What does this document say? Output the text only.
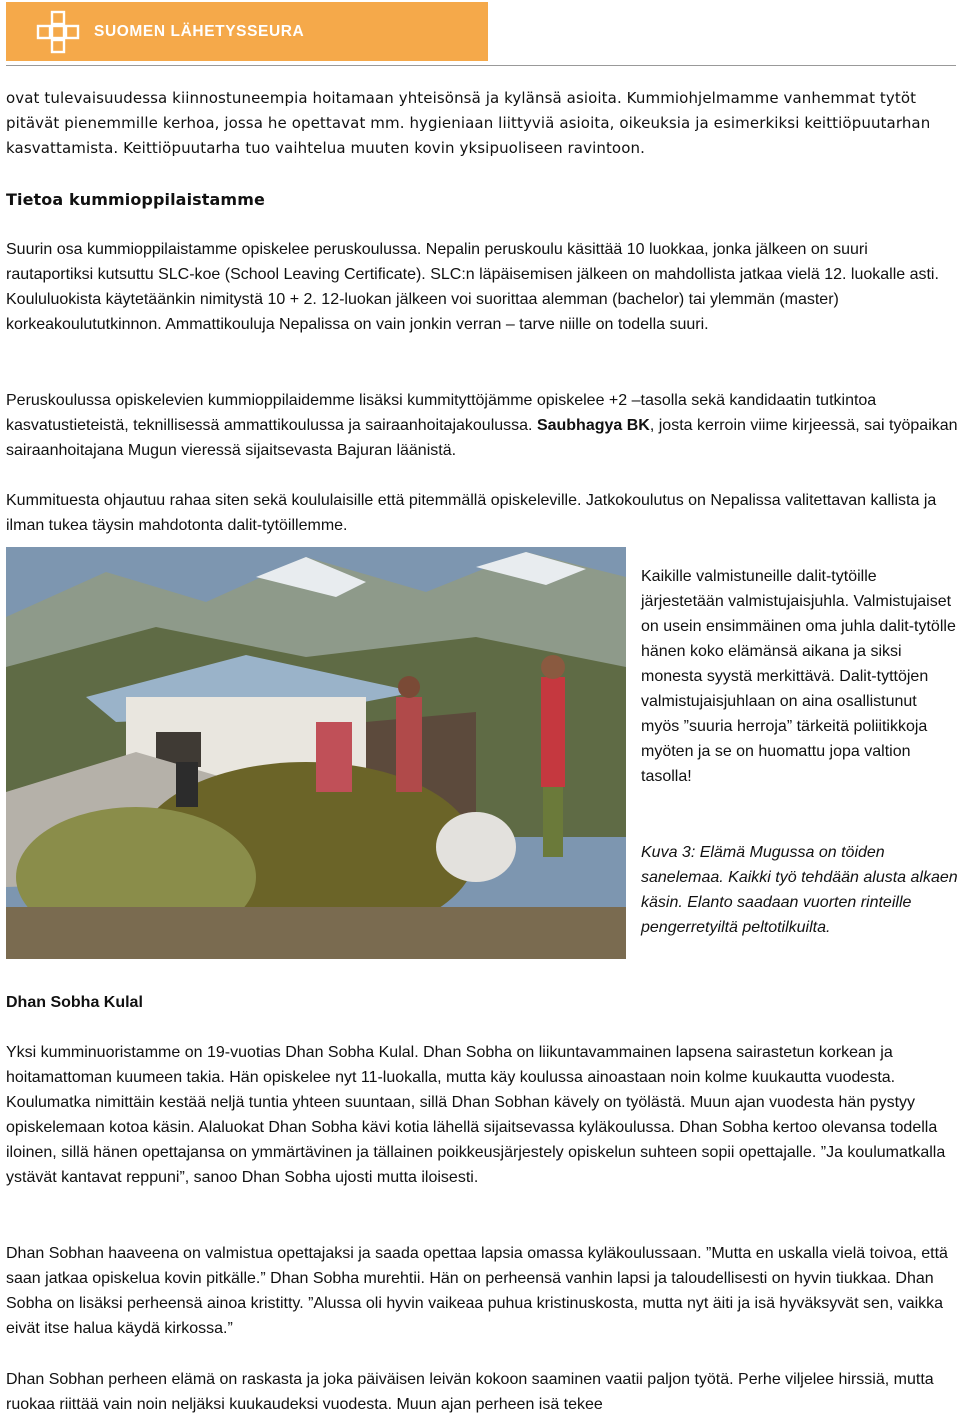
SUOMEN LÄHETYSSEURA

ovat tulevaisuudessa kiinnostuneempia hoitamaan yhteisönsä ja kylänsä asioita. Kummiohjelmamme vanhemmat tytöt pitävät pienemmille kerhoa, jossa he opettavat mm. hygieniaan liittyviä asioita, oikeuksia ja esimerkiksi keittiöpuutarhan kasvattamista. Keittiöpuutarha tuo vaihtelua muuten kovin yksipuoliseen ravintoon.

Tietoa kummioppilaistamme

Suurin osa kummioppilaistamme opiskelee peruskoulussa. Nepalin peruskoulu käsittää 10 luokkaa, jonka jälkeen on suuri rautaportiksi kutsuttu SLC-koe (School Leaving Certificate). SLC:n läpäisemisen jälkeen on mahdollista jatkaa vielä 12. luokalle asti. Koululuokista käytetäänkin nimitystä 10 + 2. 12-luokan jälkeen voi suorittaa alemman (bachelor) tai ylemmän (master) korkeakoulututkinnon. Ammattikouluja Nepalissa on vain jonkin verran – tarve niille on todella suuri.

Peruskoulussa opiskelevien kummioppilaidemme lisäksi kummityttöjämme opiskelee +2 –tasolla sekä kandidaatin tutkintoa kasvatustieteistä, teknillisessä ammattikoulussa ja sairaanhoitajakoulussa. Saubhagya BK, josta kerroin viime kirjeessä, sai työpaikan sairaanhoitajana Mugun vieressä sijaitsevasta Bajuran läänistä.

Kummituesta ohjautuu rahaa siten sekä koululaisille että pitemmällä opiskeleville. Jatkokoulutus on Nepalissa valitettavan kallista ja ilman tukea täysin mahdotonta dalit-tytöillemme.

Kaikille valmistuneille dalit-tytöille järjestetään valmistujaisjuhla. Valmistujaiset on usein ensimmäinen oma juhla dalit-tytölle hänen koko elämänsä aikana ja siksi monesta syystä merkittävä. Dalit-tyttöjen valmistujaisjuhlaan on aina osallistunut myös ”suuria herroja” tärkeitä poliitikkoja myöten ja se on huomattu jopa valtion tasolla!

Kuva 3: Elämä Mugussa on töiden sanelemaa. Kaikki työ tehdään alusta alkaen käsin. Elanto saadaan vuorten rinteille pengerretyiltä peltotilkuilta.

Dhan Sobha Kulal

Yksi kumminuoristamme on 19-vuotias Dhan Sobha Kulal. Dhan Sobha on liikuntavammainen lapsena sairastetun korkean ja hoitamattoman kuumeen takia. Hän opiskelee nyt 11-luokalla, mutta käy koulussa ainoastaan noin kolme kuukautta vuodesta. Koulumatka nimittäin kestää neljä tuntia yhteen suuntaan, sillä Dhan Sobhan kävely on työlästä. Muun ajan vuodesta hän pystyy opiskelemaan kotoa käsin. Alaluokat Dhan Sobha kävi kotia lähellä sijaitsevassa kyläkoulussa. Dhan Sobha kertoo olevansa todella iloinen, sillä hänen opettajansa on ymmärtävinen ja tällainen poikkeusjärjestely opiskelun suhteen sopii opettajalle. ”Ja koulumatkalla ystävät kantavat reppuni”, sanoo Dhan Sobha ujosti mutta iloisesti.

Dhan Sobhan haaveena on valmistua opettajaksi ja saada opettaa lapsia omassa kyläkoulussaan. ”Mutta en uskalla vielä toivoa, että saan jatkaa opiskelua kovin pitkälle.” Dhan Sobha murehtii. Hän on perheensä vanhin lapsi ja taloudellisesti on hyvin tiukkaa. Dhan Sobha on lisäksi perheensä ainoa kristitty. ”Alussa oli hyvin vaikeaa puhua kristinuskosta, mutta nyt äiti ja isä hyväksyvät sen, vaikka eivät itse halua käydä kirkossa.”

Dhan Sobhan perheen elämä on raskasta ja joka päiväisen leivän kokoon saaminen vaatii paljon työtä. Perhe viljelee hirssiä, mutta ruokaa riittää vain noin neljäksi kuukaudeksi vuodesta. Muun ajan perheen isä tekee
